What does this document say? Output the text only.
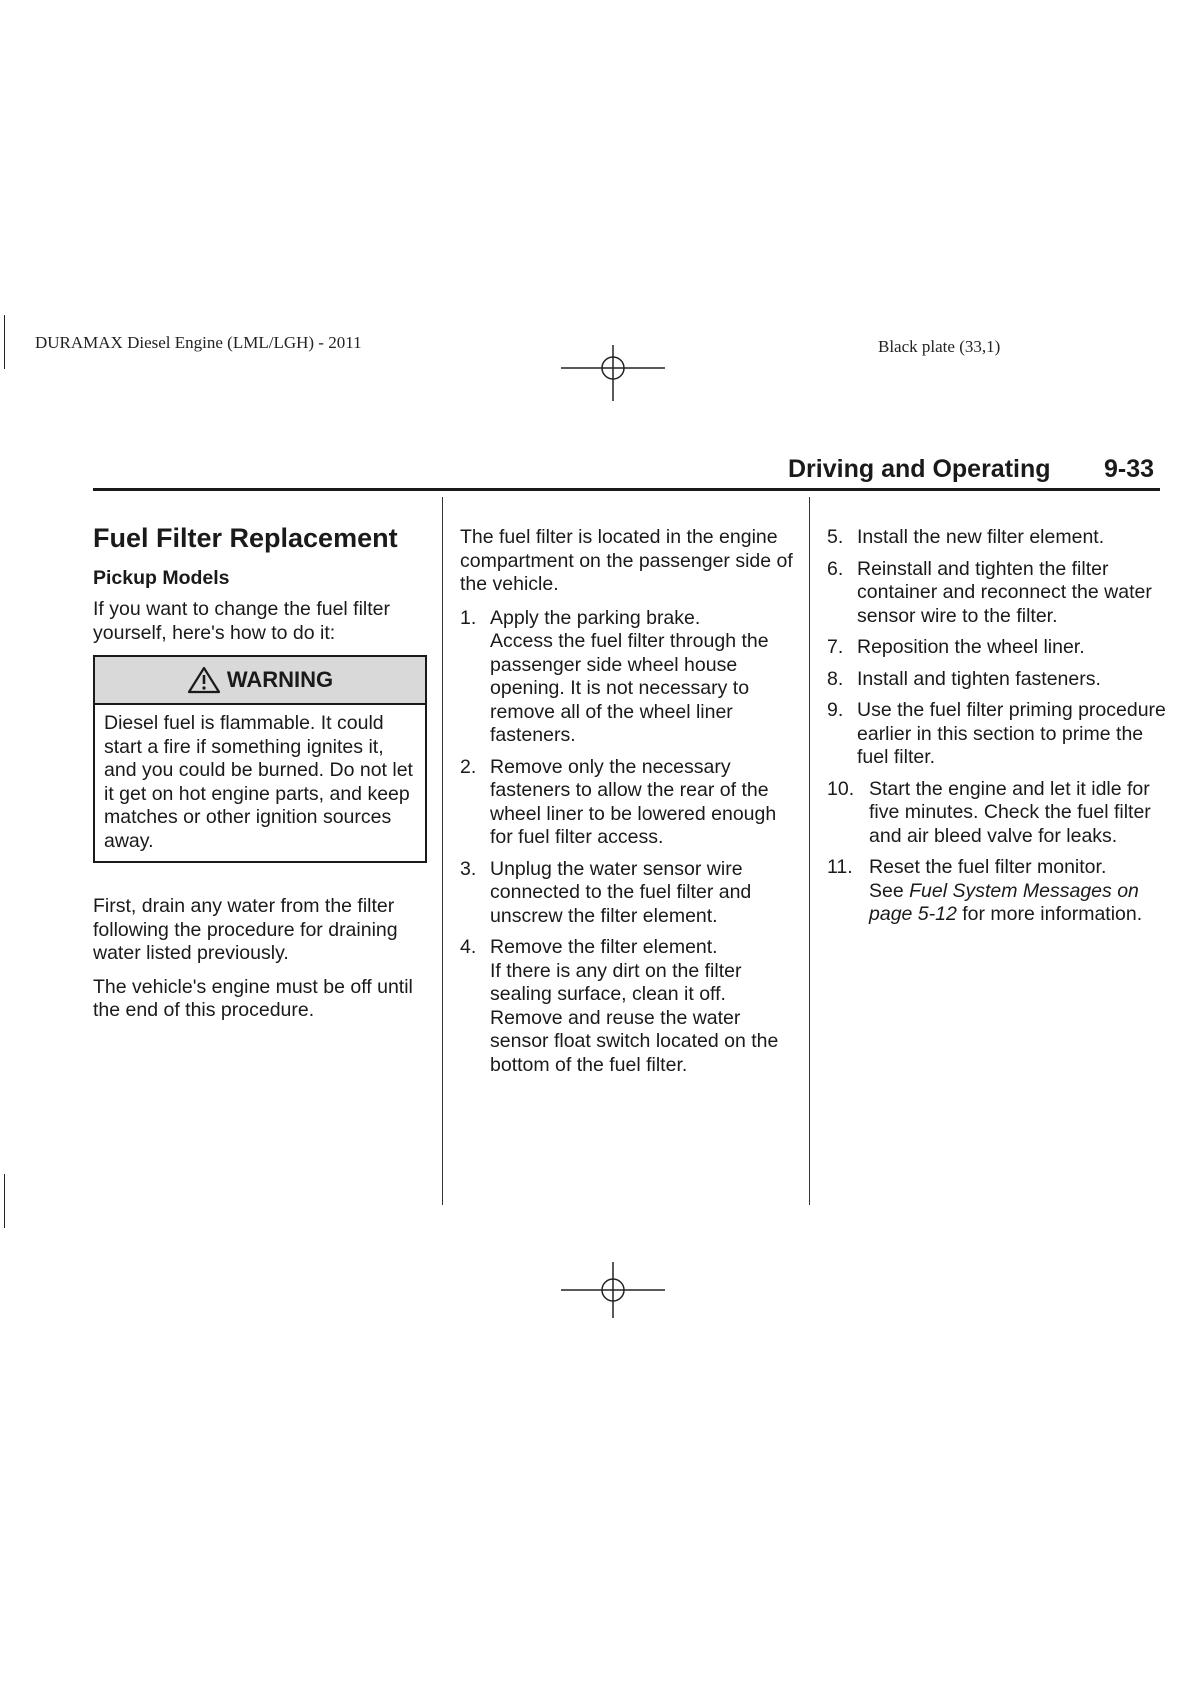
DURAMAX Diesel Engine (LML/LGH) - 2011	Black plate (33,1)
Driving and Operating 9-33
Fuel Filter Replacement
Pickup Models

If you want to change the fuel filter yourself, here's how to do it:

WARNING
Diesel fuel is flammable. It could start a fire if something ignites it, and you could be burned. Do not let it get on hot engine parts, and keep matches or other ignition sources away.

First, drain any water from the filter following the procedure for draining water listed previously.

The vehicle's engine must be off until the end of this procedure.

The fuel filter is located in the engine compartment on the passenger side of the vehicle.

1. Apply the parking brake.
Access the fuel filter through the passenger side wheel house opening. It is not necessary to remove all of the wheel liner fasteners.
2. Remove only the necessary fasteners to allow the rear of the wheel liner to be lowered enough for fuel filter access.
3. Unplug the water sensor wire connected to the fuel filter and unscrew the filter element.
4. Remove the filter element.
If there is any dirt on the filter sealing surface, clean it off. Remove and reuse the water sensor float switch located on the bottom of the fuel filter.
5. Install the new filter element.
6. Reinstall and tighten the filter container and reconnect the water sensor wire to the filter.
7. Reposition the wheel liner.
8. Install and tighten fasteners.
9. Use the fuel filter priming procedure earlier in this section to prime the fuel filter.
10. Start the engine and let it idle for five minutes. Check the fuel filter and air bleed valve for leaks.
11. Reset the fuel filter monitor.
See Fuel System Messages on page 5-12 for more information.
